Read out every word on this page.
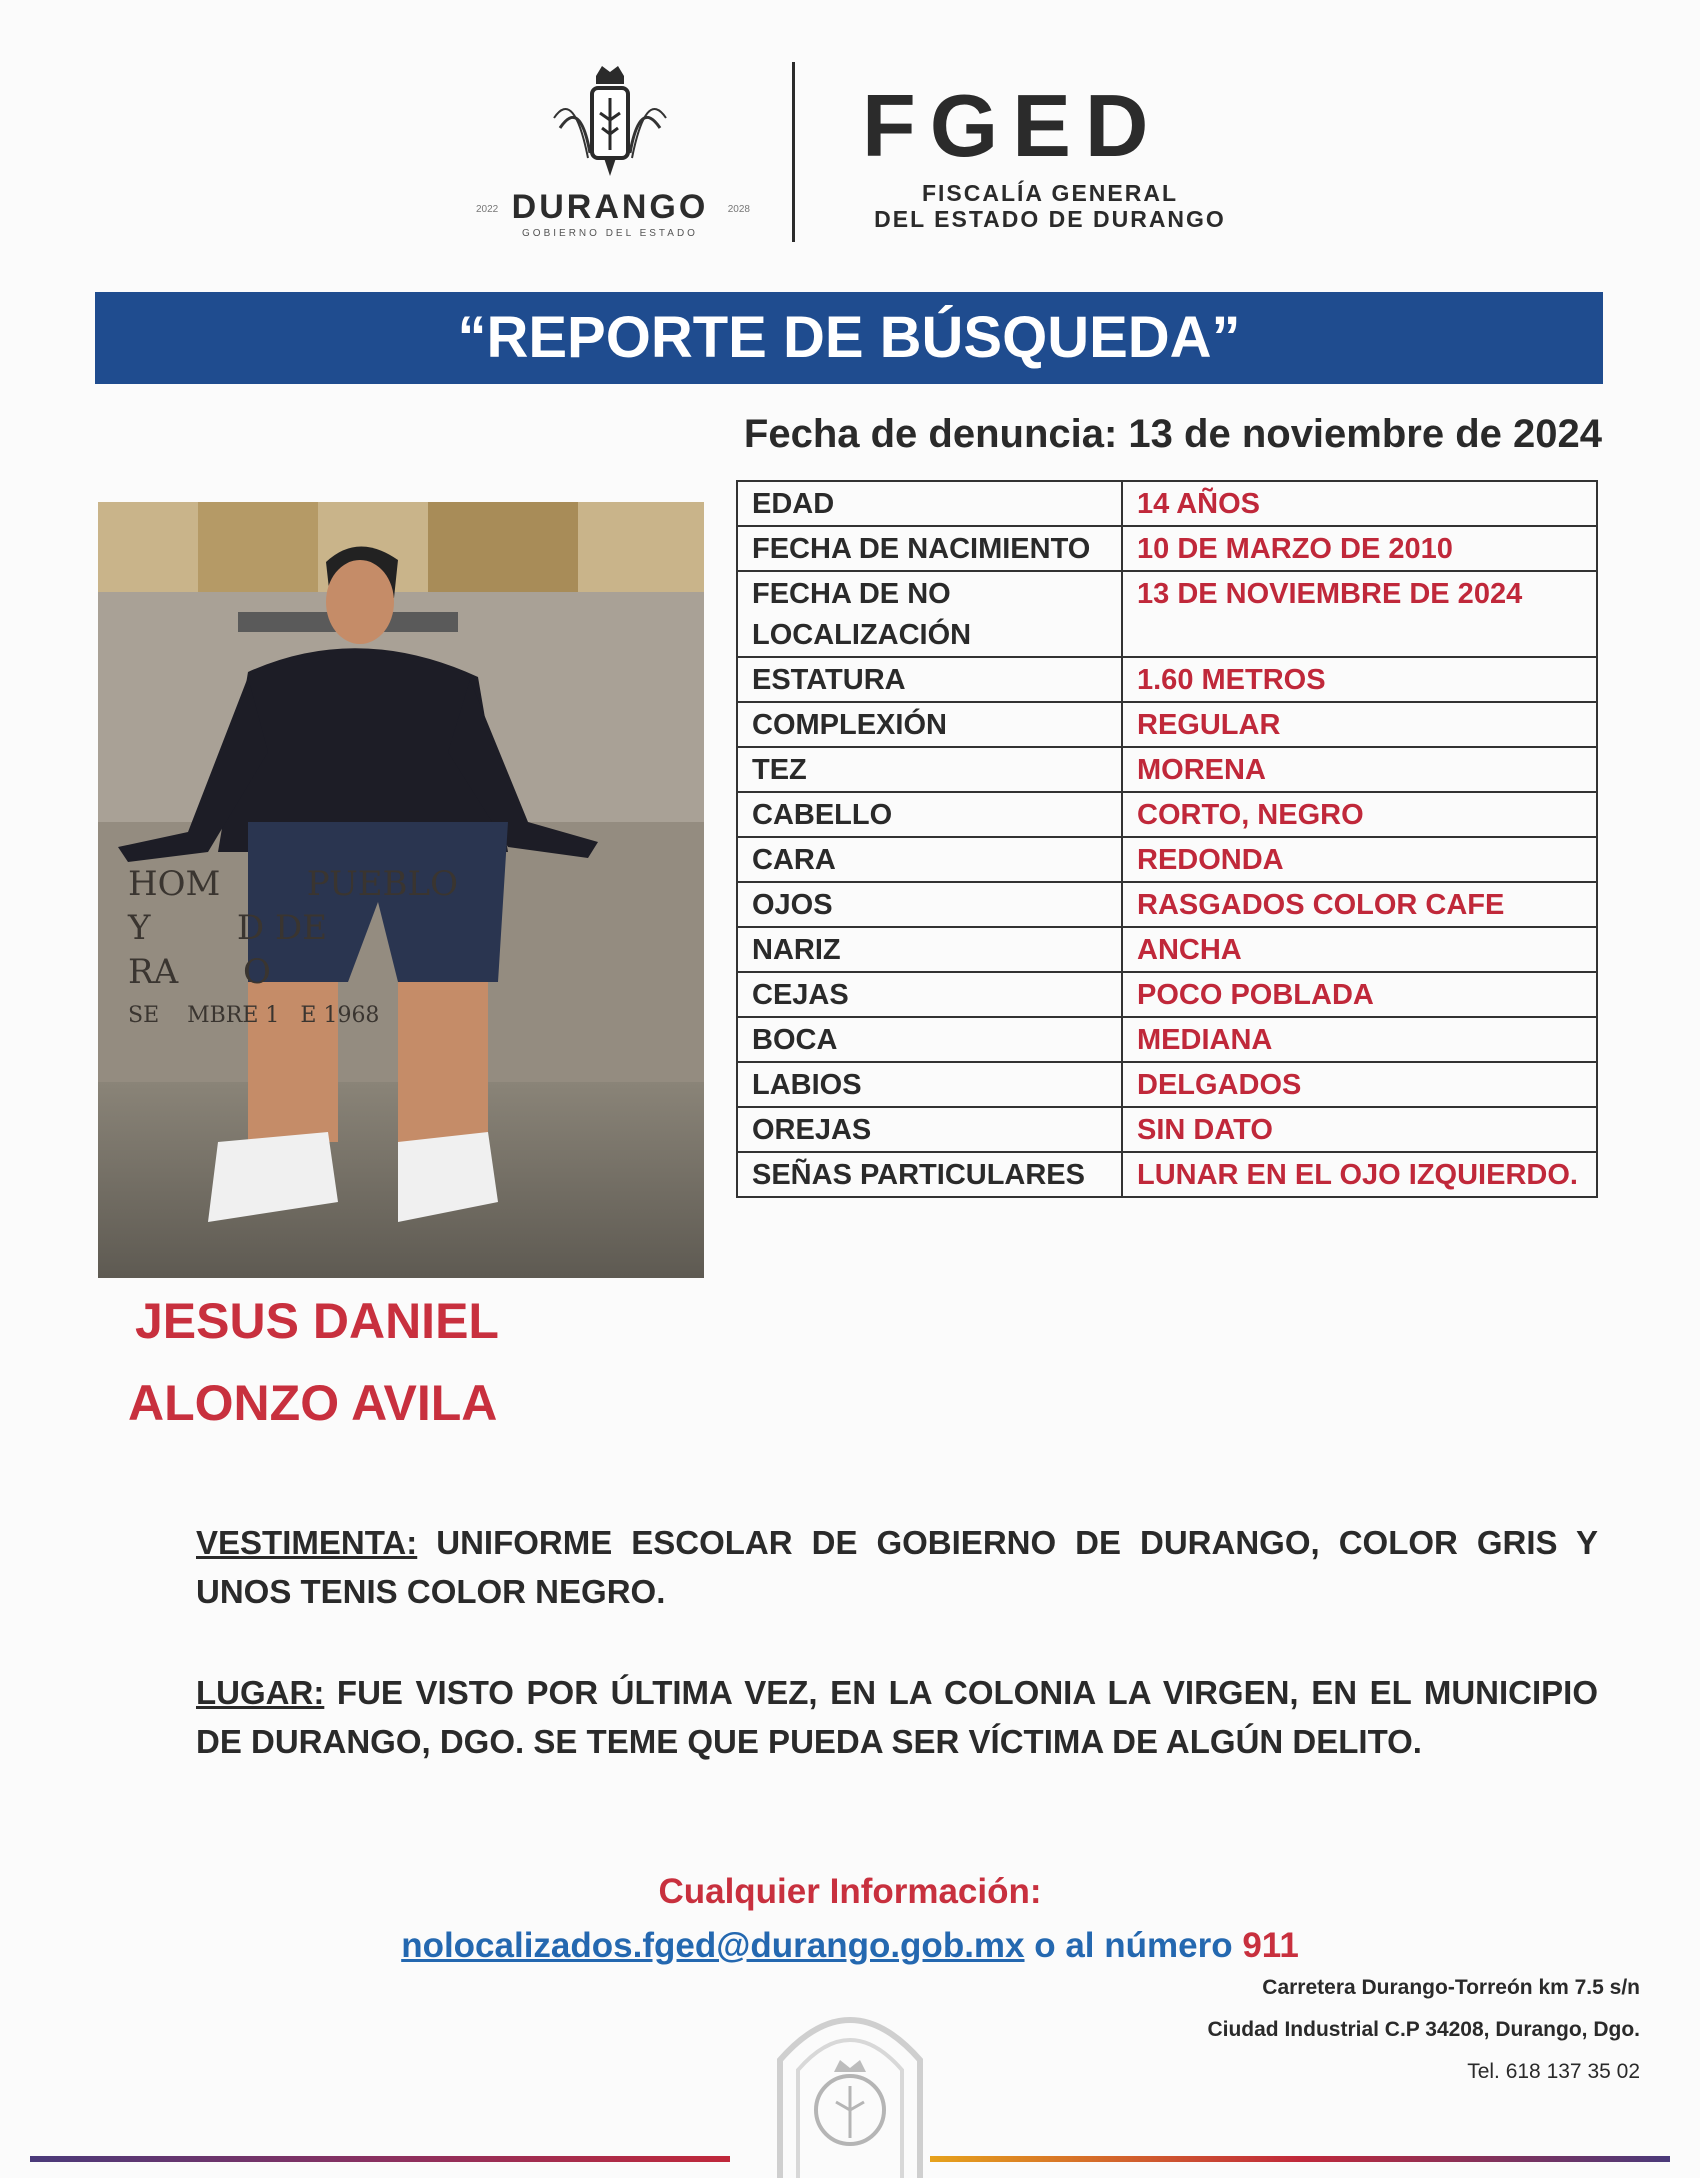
2022 DURANGO	2028
GOBIERNO DEL ESTADO
FGED
FISCALÍA GENERAL
DEL ESTADO DE DURANGO
“REPORTE DE BÚSQUEDA”
Fecha de denuncia: 13 de noviembre de 2024
HOM        PUEBLO
Y        D DE
RA      O
SE    MBRE 1   E 1968
EDAD	14 AÑOS
FECHA DE NACIMIENTO	10 DE MARZO DE 2010
FECHA DE NO LOCALIZACIÓN	13 DE NOVIEMBRE DE 2024
ESTATURA	1.60 METROS
COMPLEXIÓN	REGULAR
TEZ	MORENA
CABELLO	CORTO, NEGRO
CARA	REDONDA
OJOS	RASGADOS COLOR CAFE
NARIZ	ANCHA
CEJAS	POCO POBLADA
BOCA	MEDIANA
LABIOS	DELGADOS
OREJAS	SIN DATO
SEÑAS PARTICULARES	LUNAR EN EL OJO IZQUIERDO.
JESUS DANIEL
ALONZO AVILA
VESTIMENTA: UNIFORME ESCOLAR DE GOBIERNO DE DURANGO, COLOR GRIS Y UNOS TENIS COLOR NEGRO.
LUGAR: FUE VISTO POR ÚLTIMA VEZ, EN LA COLONIA LA VIRGEN, EN EL MUNICIPIO DE DURANGO, DGO. SE TEME QUE PUEDA SER VÍCTIMA DE ALGÚN DELITO.
Cualquier Información:
nolocalizados.fged@durango.gob.mx o al número 911
Carretera Durango-Torreón km 7.5 s/n
Ciudad Industrial C.P 34208, Durango, Dgo.
Tel. 618 137 35 02
